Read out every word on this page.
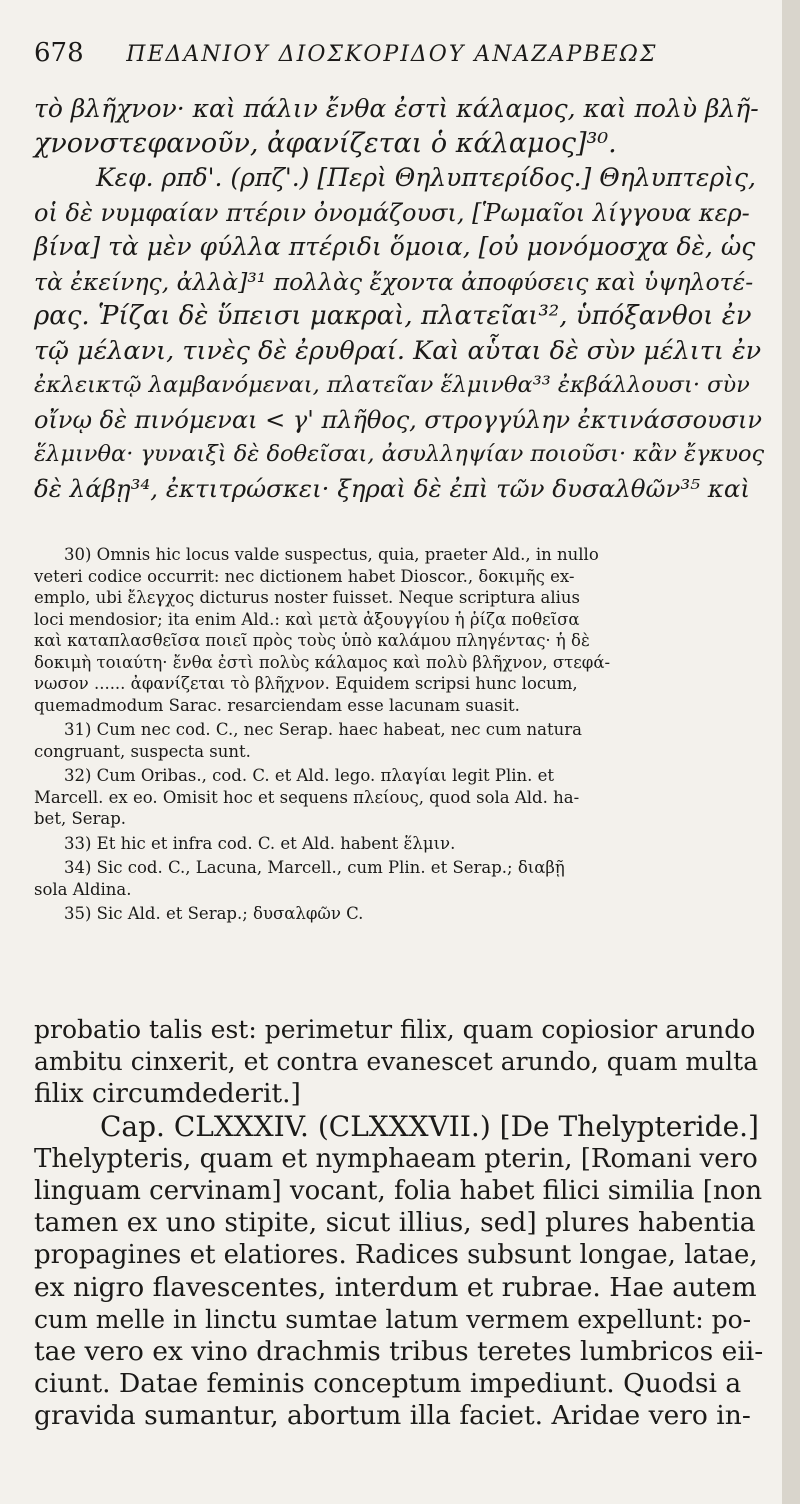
678 ΠΕΔΑΝΙΟΥ ΔΙΟΣΚΟΡΙΔΟΥ ΑΝΑΖΑΡΒΕΩΣ
τὸ βλῆχνον· καὶ πάλιν ἔνθα ἐστὶ κάλαμος, καὶ πολὺ βλῆ-
χνονστεφανοῦν, ἀφανίζεται ὁ κάλαμος]³⁰.
Κεφ. ρπδ'. (ρπζ'.) [Περὶ Θηλυπτερίδος.] Θηλυπτερὶς,
οἱ δὲ νυμφαίαν πτέριν ὀνομάζουσι, [Ῥωμαῖοι λίγγουα κερ-
βίνα] τὰ μὲν φύλλα πτέριδι ὅμοια, [οὐ μονόμοσχα δὲ, ὡς
τὰ ἐκείνης, ἀλλὰ]³¹ πολλὰς ἔχοντα ἀποφύσεις καὶ ὑψηλοτέ-
ρας. Ῥίζαι δὲ ὕπεισι μακραὶ, πλατεῖαι³², ὑπόξανθοι ἐν
τῷ μέλανι, τινὲς δὲ ἐρυθραί. Καὶ αὗται δὲ σὺν μέλιτι ἐν
ἐκλεικτῷ λαμβανόμεναι, πλατεῖαν ἕλμινθα³³ ἐκβάλλουσι· σὺν
οἴνῳ δὲ πινόμεναι < γ' πλῆθος, στρογγύλην ἐκτινάσσουσιν
ἕλμινθα· γυναιξὶ δὲ δοθεῖσαι, ἀσυλληψίαν ποιοῦσι· κἂν ἔγκυος
δὲ λάβῃ³⁴, ἐκτιτρώσκει· ξηραὶ δὲ ἐπὶ τῶν δυσαλθῶν³⁵ καὶ
30) Omnis hic locus valde suspectus, quia, praeter Ald., in nullo
veteri codice occurrit: nec dictionem habet Dioscor., δοκιμῆς ex-
emplo, ubi ἔλεγχος dicturus noster fuisset. Neque scriptura alius
loci mendosior; ita enim Ald.: καὶ μετὰ ἀξουγγίου ἡ ῥίζα ποθεῖσα
καὶ καταπλασθεῖσα ποιεῖ πρὸς τοὺς ὑπὸ καλάμου πληγέντας· ἡ δὲ
δοκιμὴ τοιαύτη· ἔνθα ἐστὶ πολὺς κάλαμος καὶ πολὺ βλῆχνον, στεφά-
νωσον ...... ἀφανίζεται τὸ βλῆχνον. Equidem scripsi hunc locum,
quemadmodum Sarac. resarciendam esse lacunam suasit.
31) Cum nec cod. C., nec Serap. haec habeat, nec cum natura
congruant, suspecta sunt.
32) Cum Oribas., cod. C. et Ald. lego. πλαγίαι legit Plin. et
Marcell. ex eo. Omisit hoc et sequens πλείους, quod sola Ald. ha-
bet, Serap.
33) Et hic et infra cod. C. et Ald. habent ἕλμιν.
34) Sic cod. C., Lacuna, Marcell., cum Plin. et Serap.; διαβῇ
sola Aldina.
35) Sic Ald. et Serap.; δυσαλφῶν C.
probatio talis est: perimetur filix, quam copiosior arundo
ambitu cinxerit, et contra evanescet arundo, quam multa
filix circumdederit.]
Cap. CLXXXIV. (CLXXXVII.) [De Thelypteride.]
Thelypteris, quam et nymphaeam pterin, [Romani vero
linguam cervinam] vocant, folia habet filici similia [non
tamen ex uno stipite, sicut illius, sed] plures habentia
propagines et elatiores. Radices subsunt longae, latae,
ex nigro flavescentes, interdum et rubrae. Hae autem
cum melle in linctu sumtae latum vermem expellunt: po-
tae vero ex vino drachmis tribus teretes lumbricos eii-
ciunt. Datae feminis conceptum impediunt. Quodsi a
gravida sumantur, abortum illa faciet. Aridae vero in-
